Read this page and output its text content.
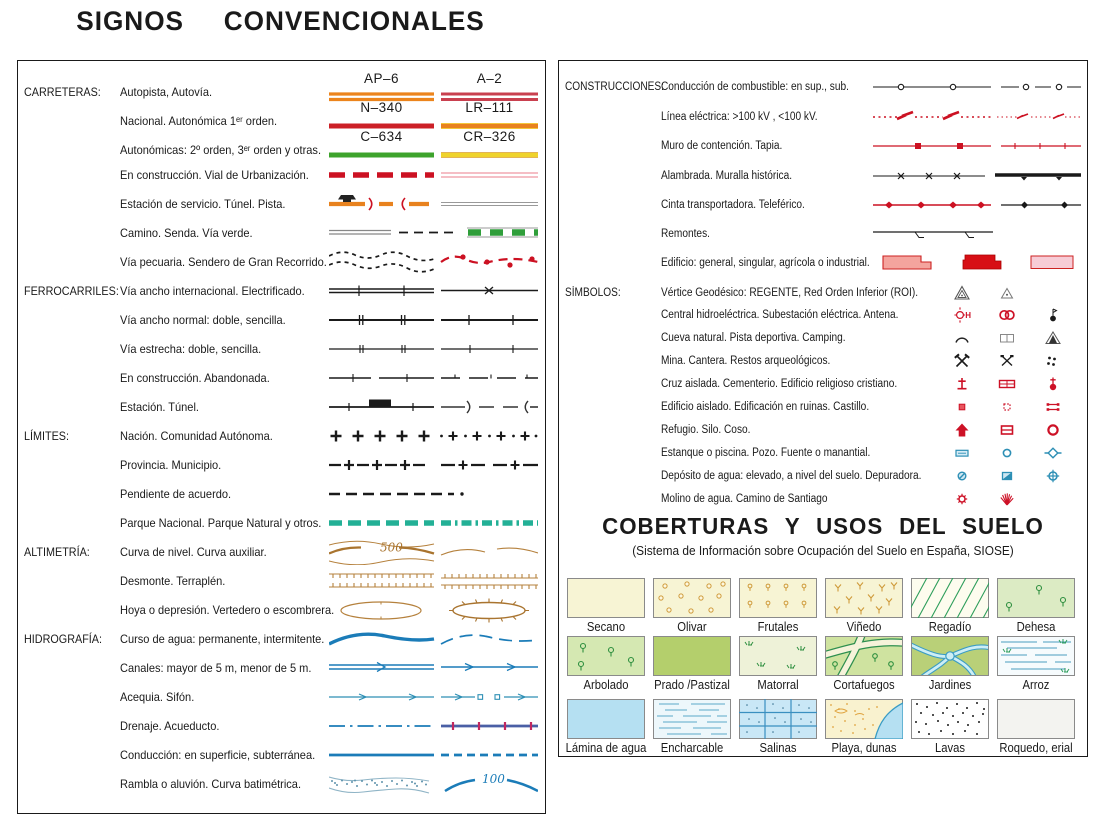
SIGNOS  CONVENCIONALES
CARRETERAS: Autopista, Autovía.
AP–6	A–2
Nacional. Autonómica 1ᵉʳ orden.
N–340	LR–111
Autonómicas: 2º orden, 3ᵉʳ orden y otras.
C–634	CR–326
En construcción. Vial de Urbanización.
Estación de servicio. Túnel. Pista.
Camino. Senda. Vía verde.
Vía pecuaria. Sendero de Gran Recorrido.
FERROCARRILES: Vía ancho internacional. Electrificado.
Vía ancho normal: doble, sencilla.
Vía estrecha: doble, sencilla.
En construcción. Abandonada.
Estación. Túnel.
LÍMITES:	Nación. Comunidad Autónoma.
Provincia. Municipio.
Pendiente de acuerdo.
Parque Nacional. Parque Natural y otros.
ALTIMETRÍA:	Curva de nivel. Curva auxiliar.	500
Desmonte. Terraplén.
Hoya o depresión. Vertedero o escombrera.
HIDROGRAFÍA: Curso de agua: permanente, intermitente.
Canales: mayor de 5 m, menor de 5 m.
Acequia. Sifón.
Drenaje. Acueducto.
Conducción: en superficie, subterránea.
Rambla o aluvión. Curva batimétrica.	100
CONSTRUCCIONES:
Conducción de combustible: en sup., sub.
Línea eléctrica: >100 kV , <100 kV.
Muro de contención. Tapia.
Alambrada. Muralla histórica.
Cinta transportadora. Teleférico.
Remontes.
Edificio: general, singular, agrícola o industrial.
SÍMBOLOS:	Vértice Geodésico: REGENTE, Red Orden Inferior (ROI).
Central hidroeléctrica. Subestación eléctrica. Antena.	H
Cueva natural. Pista deportiva. Camping.
Mina. Cantera. Restos arqueológicos.
Cruz aislada. Cementerio. Edificio religioso cristiano.
Edificio aislado. Edificación en ruinas. Castillo.
Refugio. Silo. Coso.
Estanque o piscina. Pozo. Fuente o manantial.
Depósito de agua: elevado, a nivel del suelo. Depuradora.
Molino de agua. Camino de Santiago
COBERTURAS Y USOS DEL SUELO
(Sistema de Información sobre Ocupación del Suelo en España, SIOSE)
Secano	Olivar	Frutales	Viñedo	Regadío	Dehesa
Arbolado	Prado /Pastizal	Matorral	Cortafuegos	Jardines	Arroz
Lámina de agua	Encharcable	Salinas	Playa, dunas	Lavas	Roquedo, erial
